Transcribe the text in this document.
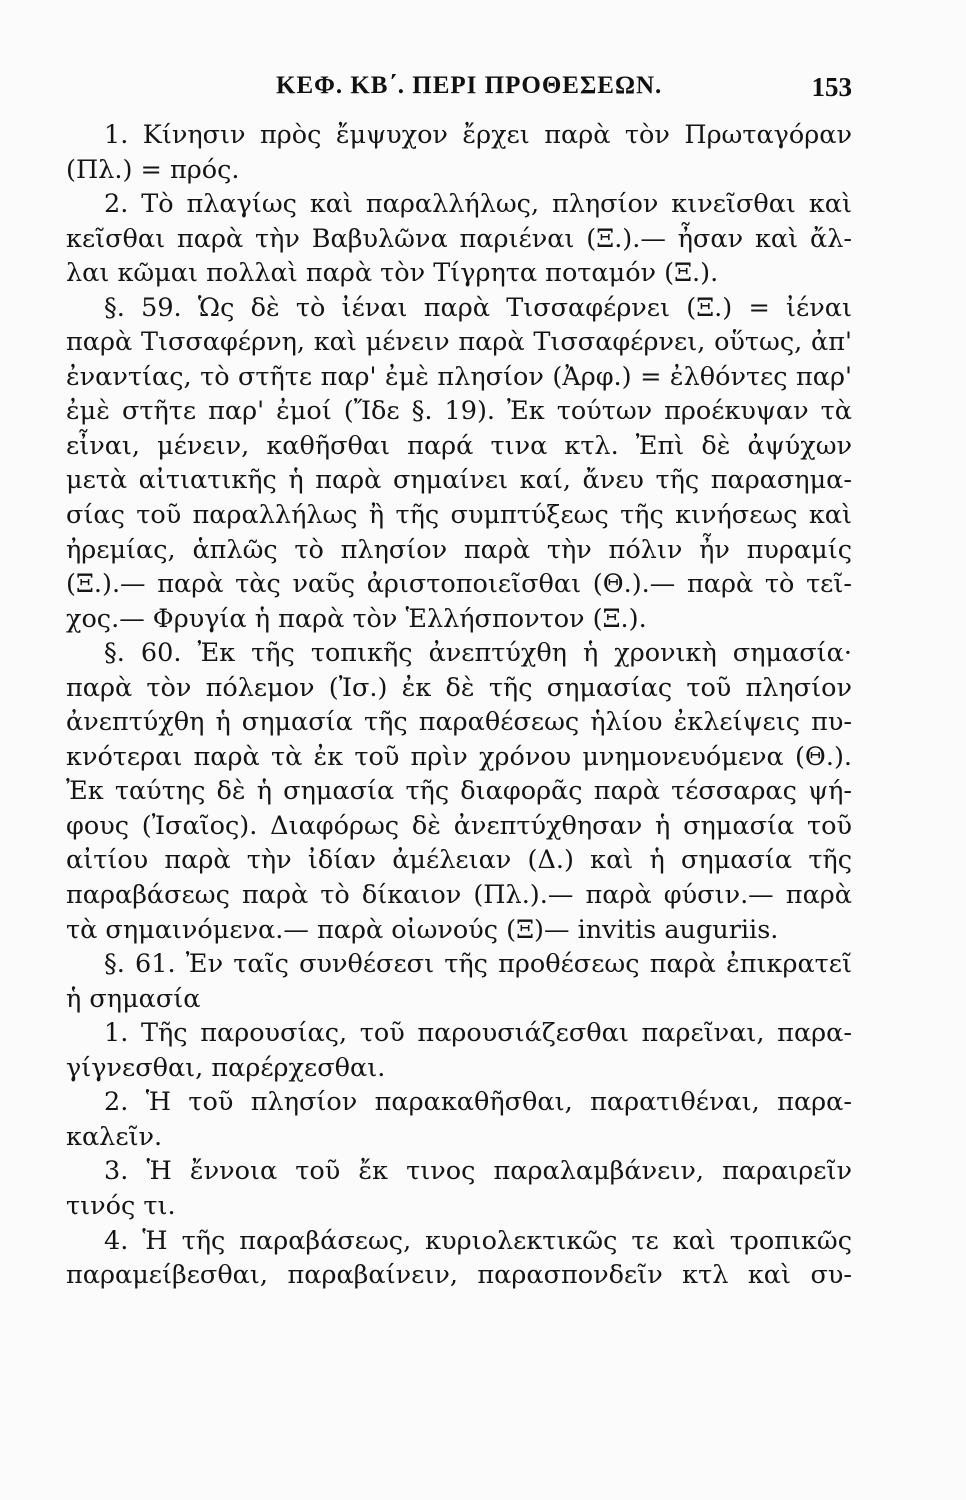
ΚΕΦ. ΚΒ΄. ΠΕΡΙ ΠΡΟΘΕΣΕΩΝ.	153
1. Κίνησιν πρὸς ἔμψυχον ἔρχει παρὰ τὸν Πρωταγόραν
(Πλ.) = πρός.
2. Τὸ πλαγίως καὶ παραλλήλως, πλησίον κινεῖσθαι καὶ
κεῖσθαι παρὰ τὴν Βαβυλῶνα παριέναι (Ξ.).— ἦσαν καὶ ἄλ-
λαι κῶμαι πολλαὶ παρὰ τὸν Τίγρητα ποταμόν (Ξ.).
§. 59. Ὡς δὲ τὸ ἰέναι παρὰ Τισσαφέρνει (Ξ.) = ἰέναι
παρὰ Τισσαφέρνη, καὶ μένειν παρὰ Τισσαφέρνει, οὕτως, ἀπ'
ἐναντίας, τὸ στῆτε παρ' ἐμὲ πλησίον (Ἀρφ.) = ἐλθόντες παρ'
ἐμὲ στῆτε παρ' ἐμοί (Ἴδε §. 19). Ἐκ τούτων προέκυψαν τὰ
εἶναι, μένειν, καθῆσθαι παρά τινα κτλ. Ἐπὶ δὲ ἀψύχων
μετὰ αἰτιατικῆς ἡ παρὰ σημαίνει καί, ἄνευ τῆς παρασημα-
σίας τοῦ παραλλήλως ἢ τῆς συμπτύξεως τῆς κινήσεως καὶ
ἠρεμίας, ἁπλῶς τὸ πλησίον παρὰ τὴν πόλιν ἦν πυραμίς
(Ξ.).— παρὰ τὰς ναῦς ἀριστοποιεῖσθαι (Θ.).— παρὰ τὸ τεῖ-
χος.— Φρυγία ἡ παρὰ τὸν Ἑλλήσποντον (Ξ.).
§. 60. Ἐκ τῆς τοπικῆς ἀνεπτύχθη ἡ χρονικὴ σημασία·
παρὰ τὸν πόλεμον (Ἰσ.) ἐκ δὲ τῆς σημασίας τοῦ πλησίον
ἀνεπτύχθη ἡ σημασία τῆς παραθέσεως ἡλίου ἐκλείψεις πυ-
κνότεραι παρὰ τὰ ἐκ τοῦ πρὶν χρόνου μνημονευόμενα (Θ.).
Ἐκ ταύτης δὲ ἡ σημασία τῆς διαφορᾶς παρὰ τέσσαρας ψή-
φους (Ἰσαῖος). Διαφόρως δὲ ἀνεπτύχθησαν ἡ σημασία τοῦ
αἰτίου παρὰ τὴν ἰδίαν ἀμέλειαν (Δ.) καὶ ἡ σημασία τῆς
παραβάσεως παρὰ τὸ δίκαιον (Πλ.).— παρὰ φύσιν.— παρὰ
τὰ σημαινόμενα.— παρὰ οἰωνούς (Ξ)— invitis auguriis.
§. 61. Ἐν ταῖς συνθέσεσι τῆς προθέσεως παρὰ ἐπικρατεῖ
ἡ σημασία
1. Τῆς παρουσίας, τοῦ παρουσιάζεσθαι παρεῖναι, παρα-
γίγνεσθαι, παρέρχεσθαι.
2. Ἡ τοῦ πλησίον παρακαθῆσθαι, παρατιθέναι, παρα-
καλεῖν.
3. Ἡ ἔννοια τοῦ ἔκ τινος παραλαμβάνειν, παραιρεῖν
τινός τι.
4. Ἡ τῆς παραβάσεως, κυριολεκτικῶς τε καὶ τροπικῶς
παραμείβεσθαι, παραβαίνειν, παρασπονδεῖν κτλ καὶ συ-
